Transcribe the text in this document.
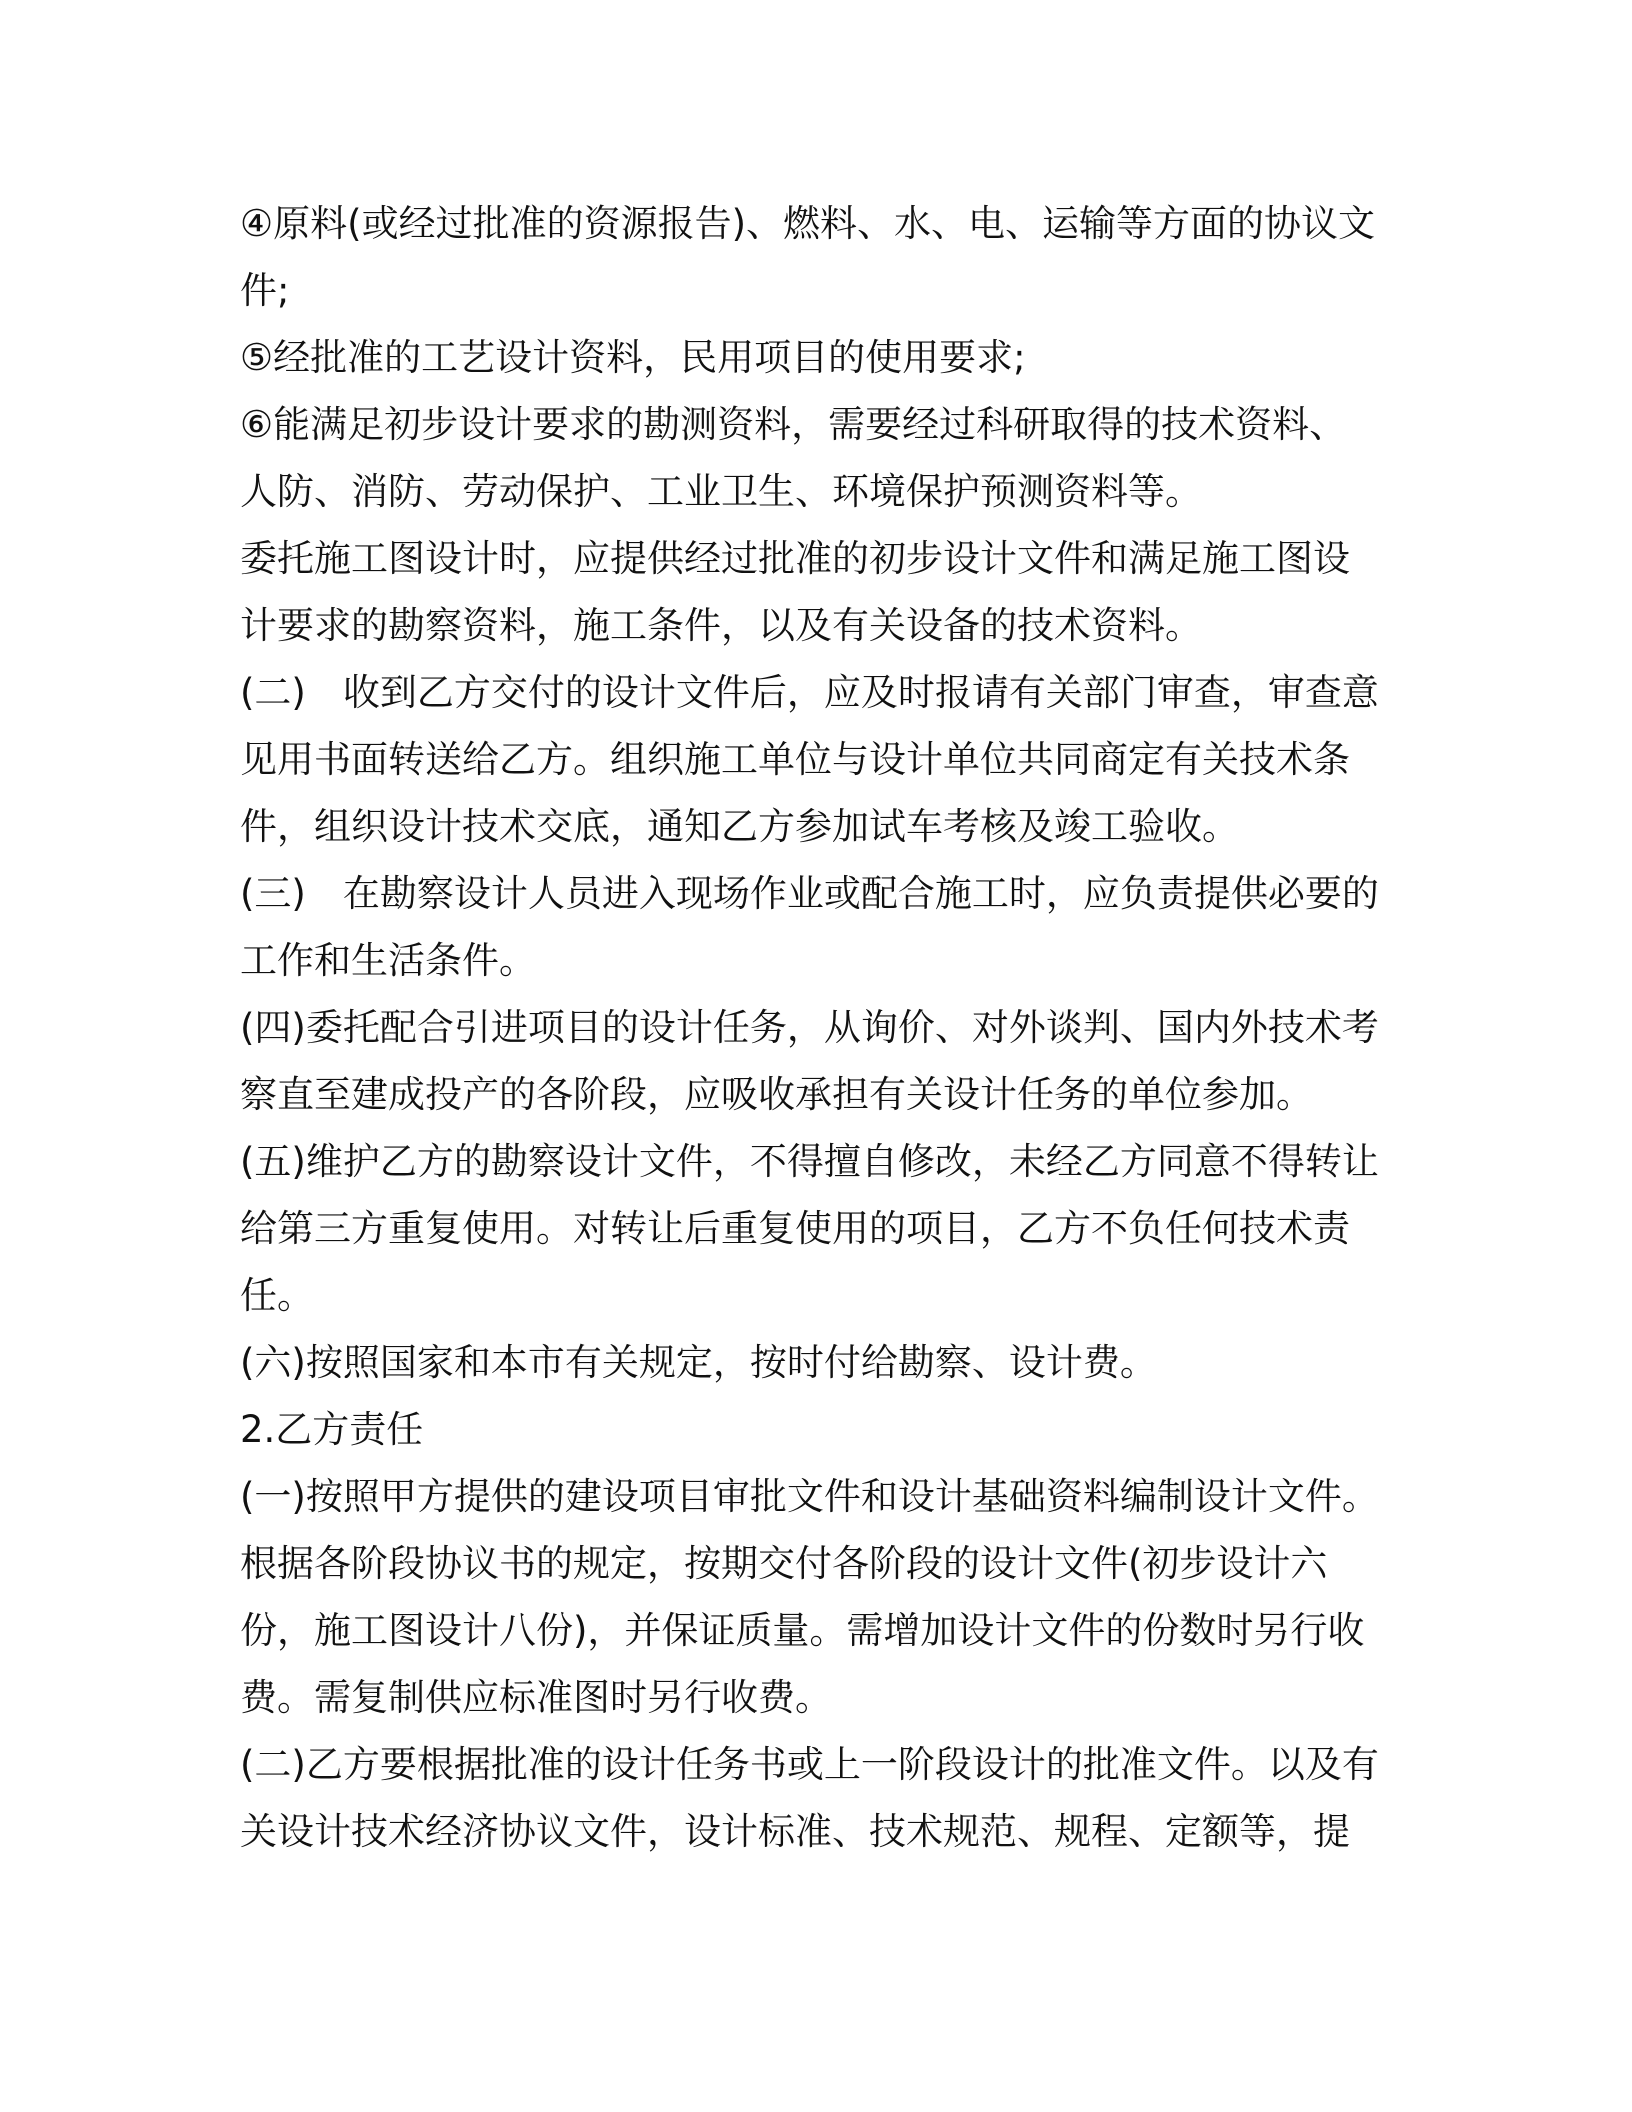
④原料(或经过批准的资源报告)、燃料、水、电、运输等方面的协议文
件;
⑤经批准的工艺设计资料，民用项目的使用要求;
⑥能满足初步设计要求的勘测资料，需要经过科研取得的技术资料、
人防、消防、劳动保护、工业卫生、环境保护预测资料等。
委托施工图设计时，应提供经过批准的初步设计文件和满足施工图设
计要求的勘察资料，施工条件，以及有关设备的技术资料。
(二)　收到乙方交付的设计文件后，应及时报请有关部门审查，审查意
见用书面转送给乙方。组织施工单位与设计单位共同商定有关技术条
件，组织设计技术交底，通知乙方参加试车考核及竣工验收。
(三)　在勘察设计人员进入现场作业或配合施工时，应负责提供必要的
工作和生活条件。
(四)委托配合引进项目的设计任务，从询价、对外谈判、国内外技术考
察直至建成投产的各阶段，应吸收承担有关设计任务的单位参加。
(五)维护乙方的勘察设计文件，不得擅自修改，未经乙方同意不得转让
给第三方重复使用。对转让后重复使用的项目，乙方不负任何技术责
任。
(六)按照国家和本市有关规定，按时付给勘察、设计费。
2.乙方责任
(一)按照甲方提供的建设项目审批文件和设计基础资料编制设计文件。
根据各阶段协议书的规定，按期交付各阶段的设计文件(初步设计六
份，施工图设计八份)，并保证质量。需增加设计文件的份数时另行收
费。需复制供应标准图时另行收费。
(二)乙方要根据批准的设计任务书或上一阶段设计的批准文件。以及有
关设计技术经济协议文件，设计标准、技术规范、规程、定额等，提
